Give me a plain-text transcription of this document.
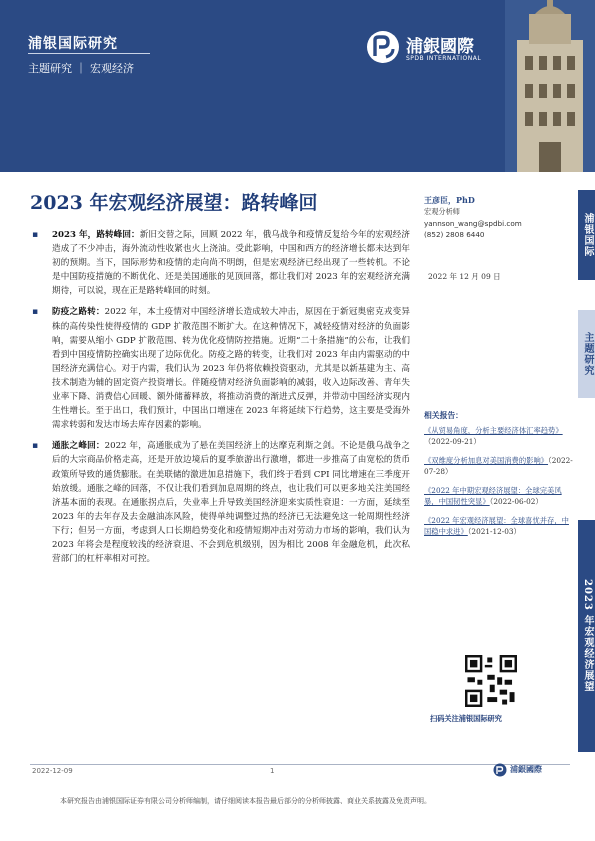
浦银国际研究
主题研究 ｜ 宏观经济
浦銀國際
SPDB INTERNATIONAL
2023 年宏观经济展望：路转峰回
▪ 2023 年，路转峰回：新旧交替之际，回顾 2022 年，俄乌战争和疫情反复给今年的宏观经济造成了不少冲击，海外流动性收紧也火上浇油。受此影响，中国和西方的经济增长都未达到年初的预期。当下，国际形势和疫情的走向尚不明朗，但是宏观经济已经出现了一些转机。不论是中国防疫措施的不断优化、还是美国通胀的见顶回落，都让我们对 2023 年的宏观经济充满期待，可以说，现在正是路转峰回的时刻。
▪ 防疫之路转：2022 年，本土疫情对中国经济增长造成较大冲击，原因在于新冠奥密克戎变异株的高传染性使得疫情的 GDP 扩散范围不断扩大。在这种情况下，减轻疫情对经济的负面影响，需要从缩小 GDP 扩散范围、转为优化疫情防控措施。近期“二十条措施”的公布，让我们看到中国疫情防控确实出现了边际优化。防疫之路的转变，让我们对 2023 年由内需驱动的中国经济充满信心。对于内需，我们认为 2023 年仍将依赖投资驱动，尤其是以新基建为主、高技术制造为辅的固定资产投资增长。伴随疫情对经济负面影响的减弱，收入边际改善、青年失业率下降、消费信心回暖、额外储蓄释放，将推动消费的渐进式反弹，并带动中国经济实现内生性增长。至于出口，我们预计，中国出口增速在 2023 年将延续下行趋势，这主要是受海外需求转弱和发达市场去库存因素的影响。
▪ 通胀之峰回：2022 年，高通胀成为了悬在美国经济上的达摩克利斯之剑。不论是俄乌战争之后的大宗商品价格走高，还是开放边境后的夏季旅游出行激增，都进一步推高了由宽松的货币政策所导致的通货膨胀。在美联储的激进加息措施下，我们终于看到 CPI 同比增速在三季度开始放缓。通胀之峰的回落，不仅让我们看到加息周期的终点，也让我们可以更多地关注美国经济基本面的表现。在通胀拐点后，失业率上升导致美国经济迎来实质性衰退：一方面，延续至 2023 年的去年存及去金融油冻风险，使得单纯调整过热的经济已无法避免这一轮周期性经济下行；但另一方面，考虑到人口长期趋势变化和疫情短期冲击对劳动力市场的影响，我们认为 2023 年将会是程度较浅的经济衰退、不会到危机级别，因为相比 2008 年金融危机，此次私营部门的杠杆率相对可控。
王彦臣，PhD
宏观分析师
yannson_wang@spdbi.com
(852) 2808 6440
2022 年 12 月 09 日
浦银国际
主题研究
2023 年宏观经济展望
相关报告：
《从贸易角度，分析主要经济体汇率趋势》（2022-09-21）
《双维度分析加息对美国消费的影响》（2022-07-28）
《2022 年中期宏观经济展望：全球完美风暴，中国韧性突显》（2022-06-02）
《2022 年宏观经济展望：全球喜忧并存，中国稳中求进》（2021-12-03）
扫码关注浦银国际研究
2022-12-09	1	浦銀國際
本研究报告由浦银国际证券有限公司分析师编制，请仔细阅读本报告最后部分的分析师披露、商业关系披露及免责声明。
